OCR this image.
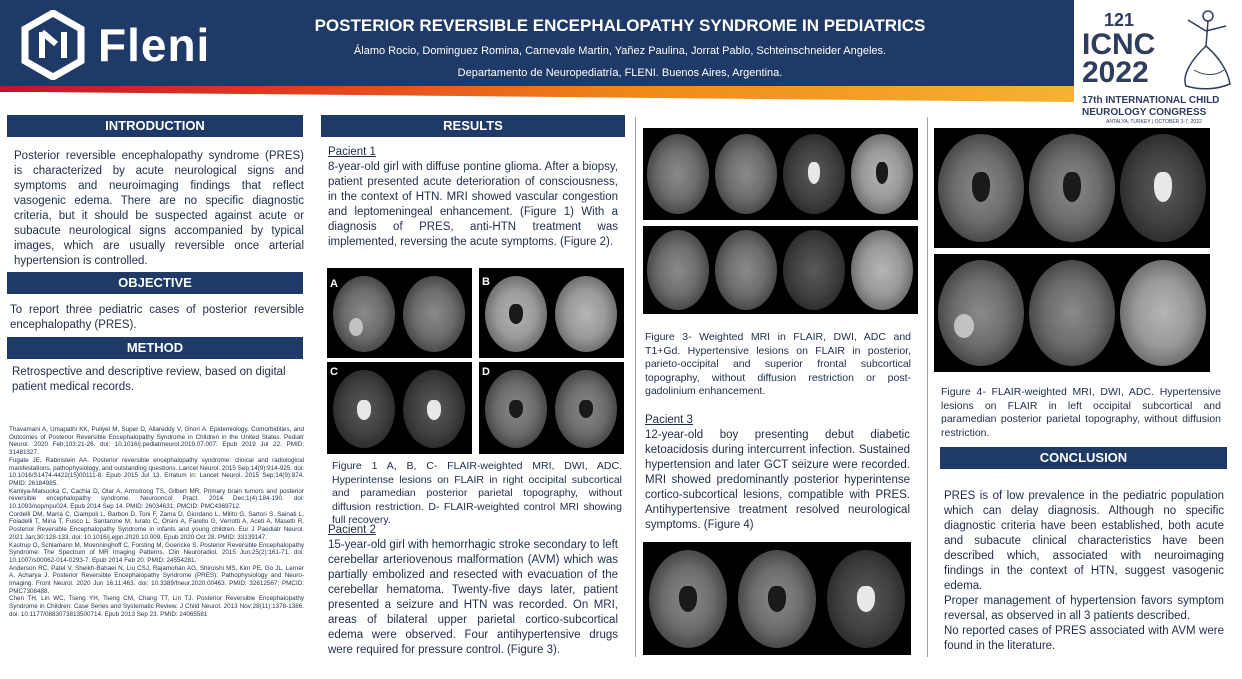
Fleni	POSTERIOR REVERSIBLE ENCEPHALOPATHY SYNDROME IN PEDIATRICS
Álamo Rocio, Dominguez Romina, Carnevale Martin, Yañez Paulina, Jorrat Pablo, Schteinschneider Angeles.
Departamento de Neuropediatría, FLENI. Buenos Aires, Argentina.
121
ICNC
2022
17th INTERNATIONAL CHILD
NEUROLOGY CONGRESS
ANTALYA, TURKEY | OCTOBER 3-7, 2022
INTRODUCTION
Posterior reversible encephalopathy syndrome (PRES) is characterized by acute neurological signs and symptoms and neuroimaging findings that reflect vasogenic edema. There are no specific diagnostic criteria, but it should be suspected against acute or subacute neurological signs accompanied by typical images, which are usually reversible once arterial hypertension is controlled.
OBJECTIVE
To report three pediatric cases of posterior reversible encephalopathy (PRES).
METHOD
Retrospective and descriptive review, based on digital patient medical records.

Thavamani A, Umapathi KK, Puliyel M, Super D, Allareddy V, Ghori A. Epidemiology, Comorbidities, and Outcomes of Posterior Reversible Encephalopathy Syndrome in Children in the United States. Pediatr Neurol. 2020 Feb;103:21-26. doi: 10.1016/j.pediatrneurol.2019.07.007. Epub 2019 Jul 22. PMID: 31481327.

Fugate JE, Rabinstein AA. Posterior reversible encephalopathy syndrome: clinical and radiological manifestations, pathophysiology, and outstanding questions. Lancet Neurol. 2015 Sep;14(9):914-925. doi: 10.1016/S1474-4422(15)00111-8. Epub 2015 Jul 13. Erratum in: Lancet Neurol. 2015 Sep;14(9):874. PMID: 26184985.

Kamiya-Matsuoka C, Cachia D, Olar A, Armstrong TS, Gilbert MR. Primary brain tumors and posterior reversible encephalopathy syndrome. Neurooncol Pract. 2014 Dec;1(4):184-190. doi: 10.1093/nop/npu024. Epub 2014 Sep 14. PMID: 26034631; PMCID: PMC4369712.

Cordelli DM, Marra C, Ciampoli L, Barbon D, Toni F, Zama D, Giordano L, Milito G, Sartori S, Sainati L, Foiadelli T, Mina T, Fusco L, Santarone M, Iurato C, Orsini A, Farello G, Verrotti A, Aceti A, Masetti R. Posterior Reversible Encephalopathy Syndrome in infants and young children. Eur J Paediatr Neurol. 2021 Jan;30:128-133. doi: 10.1016/j.ejpn.2020.10.009. Epub 2020 Oct 28. PMID: 33139147.

Kastrup O, Schlamann M, Moenninghoff C, Forsting M, Goericke S. Posterior Reversible Encephalopathy Syndrome: The Spectrum of MR Imaging Patterns. Clin Neuroradiol. 2015 Jun;25(2):161-71. doi: 10.1007/s00062-014-0293-7. Epub 2014 Feb 20. PMID: 24554281.

Anderson RC, Patel V, Sheikh-Bahaei N, Liu CSJ, Rajamohan AG, Shiroishi MS, Kim PE, Go JL, Lerner A, Acharya J. Posterior Reversible Encephalopathy Syndrome (PRES): Pathophysiology and Neuro-Imaging. Front Neurol. 2020 Jun 16;11:463. doi: 10.3389/fneur.2020.00463. PMID: 32612567; PMCID: PMC7308488.

Chen TH, Lin WC, Tseng YH, Tseng CM, Chang TT, Lin TJ. Posterior Reversible Encephalopathy Syndrome in Children: Case Series and Systematic Review. J Child Neurol. 2013 Nov;28(11):1378-1386. doi: 10.1177/0883073813500714. Epub 2013 Sep 23. PMID: 24065581

RESULTS
Pacient 1
8-year-old girl with diffuse pontine glioma. After a biopsy, patient presented acute deterioration of consciousness, in the context of HTN. MRI showed vascular congestion and leptomeningeal enhancement. (Figure 1) With a diagnosis of PRES, anti-HTN treatment was implemented, reversing the acute symptoms. (Figure 2).
A	B
C	D
Figure 1 A, B, C- FLAIR-weighted MRI, DWI, ADC. Hyperintense lesions on FLAIR in right occipital subcortical and paramedian posterior parietal topography, without diffusion restriction. D- FLAIR-weighted control MRI showing full recovery.
Pacient 2
15-year-old girl with hemorrhagic stroke secondary to left cerebellar arteriovenous malformation (AVM) which was partially embolized and resected with evacuation of the cerebellar hematoma. Twenty-five days later, patient presented a seizure and HTN was recorded. On MRI, areas of bilateral upper parietal cortico-subcortical edema were observed. Four antihypertensive drugs were required for pressure control. (Figure 3).
Figure 3- Weighted MRI in FLAIR, DWI, ADC and T1+Gd. Hypertensive lesions on FLAIR in posterior, parieto-occipital and superior frontal subcortical topography, without diffusion restriction or post-gadolinium enhancement.
Pacient 3
12-year-old boy presenting debut diabetic ketoacidosis during intercurrent infection. Sustained hypertension and later GCT seizure were recorded. MRI showed predominantly posterior hyperintense cortico-subcortical lesions, compatible with PRES. Antihypertensive treatment resolved neurological symptoms. (Figure 4)
Figure 4- FLAIR-weighted MRI, DWI, ADC. Hypertensive lesions on FLAIR in left occipital subcortical and paramedian posterior parietal topography, without diffusion restriction.
CONCLUSION
PRES is of low prevalence in the pediatric population which can delay diagnosis. Although no specific diagnostic criteria have been established, both acute and subacute clinical characteristics have been described which, associated with neuroimaging findings in the context of HTN, suggest vasogenic edema.
Proper management of hypertension favors symptom reversal, as observed in all 3 patients described.
No reported cases of PRES associated with AVM were found in the literature.
